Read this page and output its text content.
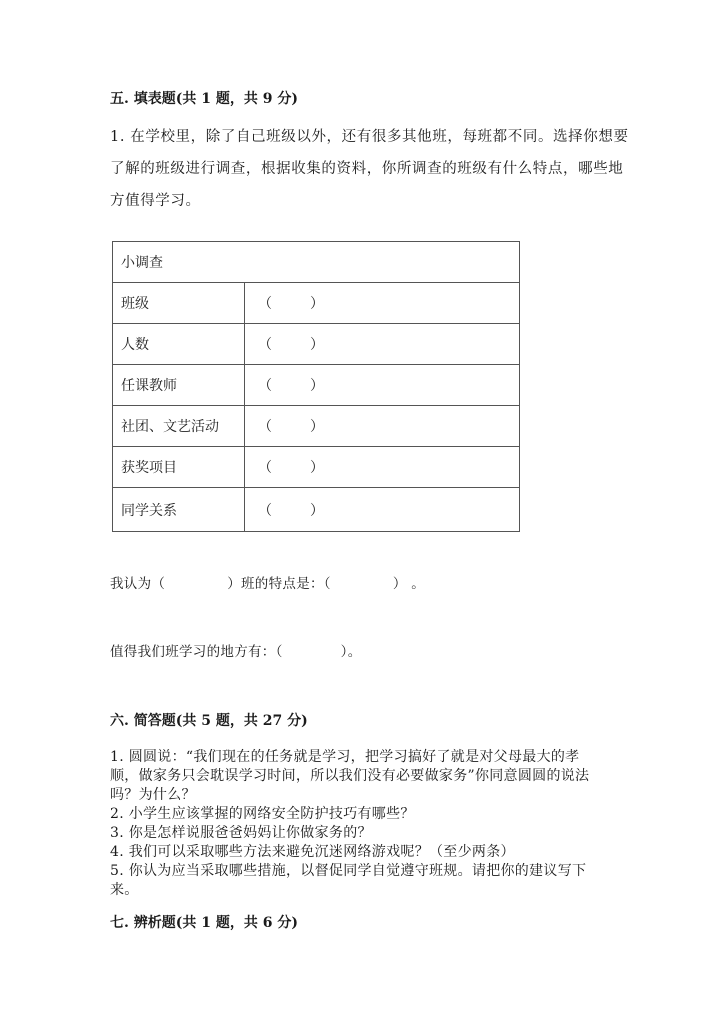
五. 填表题(共 1 题，共 9 分)
1. 在学校里，除了自己班级以外，还有很多其他班，每班都不同。选择你想要
了解的班级进行调查，根据收集的资料，你所调查的班级有什么特点，哪些地
方值得学习。
小调查	
班级	（ ）
人数	（ ）
任课教师	（ ）
社团、文艺活动	（ ）
获奖项目	（ ）
同学关系	（ ）
我认为（	）班的特点是：（	） 。
值得我们班学习的地方有：（	）。
六. 简答题(共 5 题，共 27 分)
1. 圆圆说：“我们现在的任务就是学习，把学习搞好了就是对父母最大的孝
顺，做家务只会耽误学习时间，所以我们没有必要做家务”你同意圆圆的说法
吗？为什么？
2. 小学生应该掌握的网络安全防护技巧有哪些？
3. 你是怎样说服爸爸妈妈让你做家务的？
4. 我们可以采取哪些方法来避免沉迷网络游戏呢？（至少两条）
5. 你认为应当采取哪些措施，以督促同学自觉遵守班规。请把你的建议写下
来。
七. 辨析题(共 1 题，共 6 分)
